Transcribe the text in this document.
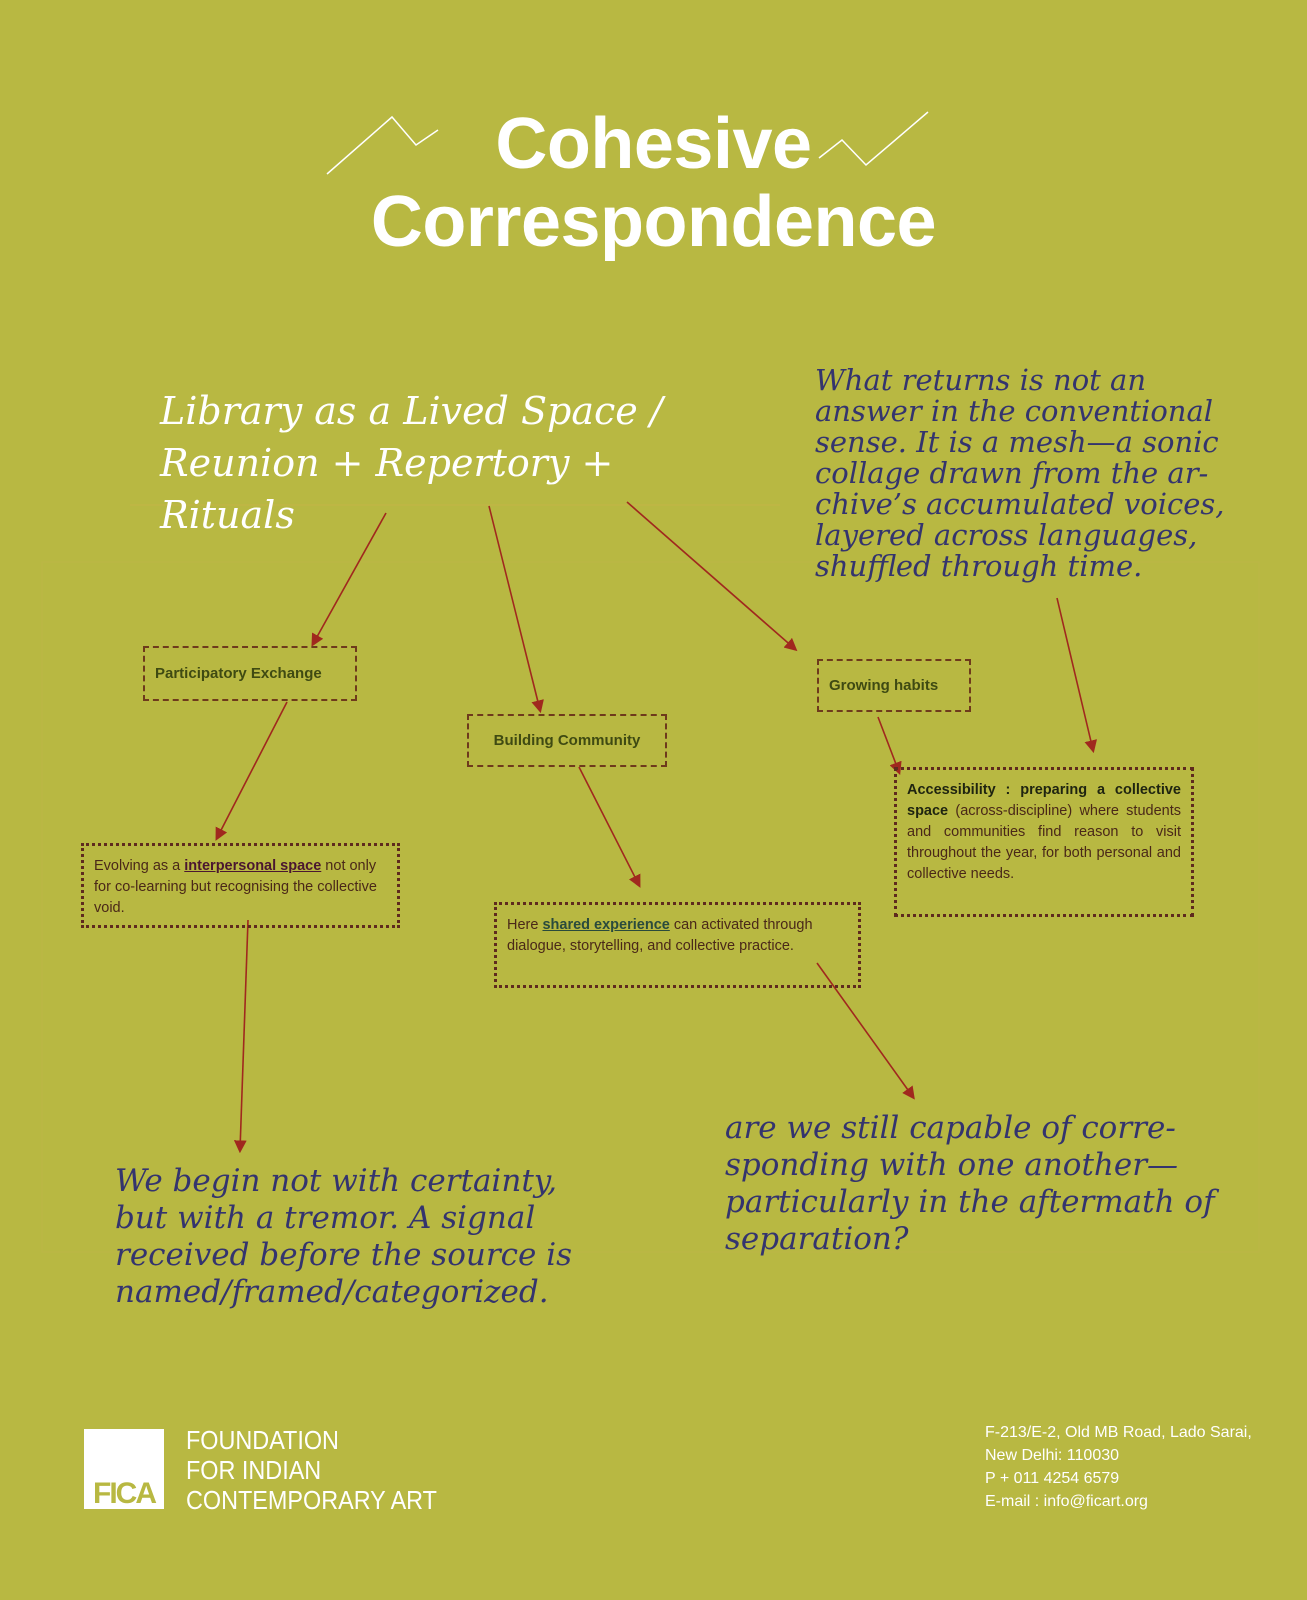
Cohesive
Correspondence
Library as a Lived Space /
Reunion + Repertory + Rituals
What returns is not an answer in the conventional sense. It is a mesh—a sonic collage drawn from the ar-chive’s accumulated voices, layered across languages, shuffled through time.
Participatory Exchange
Building Community
Growing habits
Evolving as a interpersonal space not only for co-learning but recognising the collective void.
Here shared experience can activated through dialogue, storytelling, and collective practice.
Accessibility : preparing a collective space (across-discipline) where students and communities find reason to visit throughout the year, for both personal and collective needs.
We begin not with certainty, but with a tremor. A signal received before the source is named/framed/categorized.
are we still capable of corre-sponding with one another— particularly in the aftermath of separation?
FICA
FOUNDATION
FOR INDIAN
CONTEMPORARY ART
F-213/E-2, Old MB Road, Lado Sarai,
New Delhi: 110030
P + 011 4254 6579
E-mail : info@ficart.org
